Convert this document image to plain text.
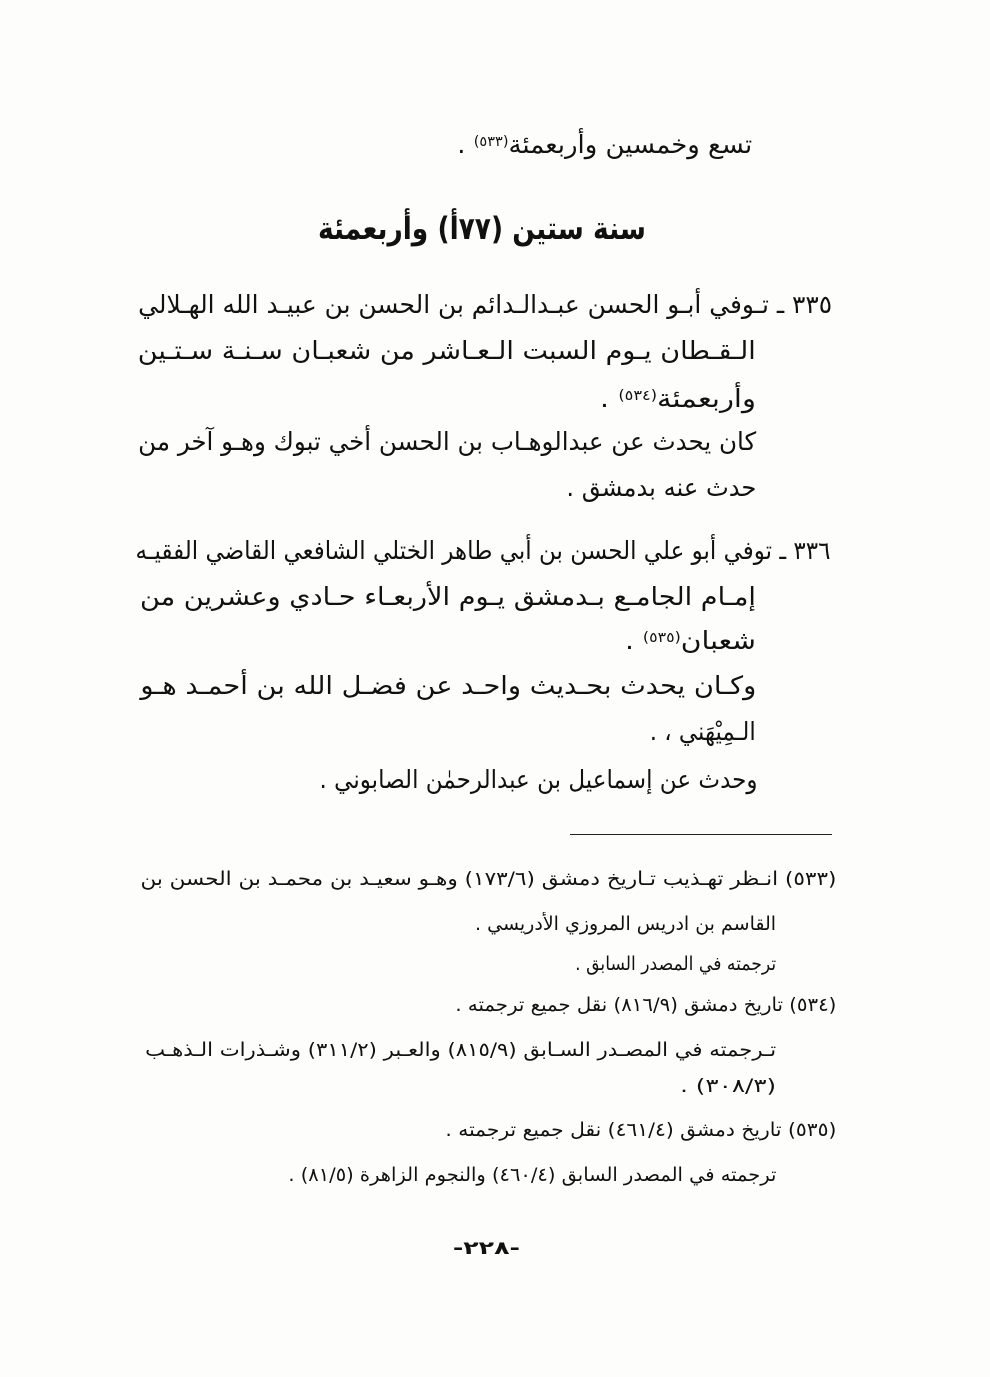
تسع وخمسين وأربعمئة$^{(٥٣٣)}$ .
سنة ستين (٧٧أ) وأربعمئة
٣٣٥ ـ تـوفي أبـو الحسن عبـدالـدائم بن الحسن بن عبيـد الله الهـلالي
الـقـطان يـوم السبت الـعـاشر من شعبـان سـنـة سـتـين
وأربعمئة$^{(٥٣٤)}$ .
كان يحدث عن عبدالوهـاب بن الحسن أخي تبوك وهـو آخر من
حدث عنه بدمشق .
٣٣٦ ـ توفي أبو علي الحسن بن أبي طاهر الختلي الشافعي القاضي الفقيـه
إمـام الجامـع بـدمشق يـوم الأربعـاء حـادي وعشرين من
شعبان$^{(٥٣٥)}$ .
وكـان يحدث بحـديث واحـد عن فضـل الله بن أحمـد هـو
الـمِيْهَني ، .
وحدث عن إسماعيل بن عبدالرحمٰن الصابوني .
(٥٣٣) انـظر تهـذيب تـاريخ دمشق (١٧٣/٦) وهـو سعيـد بن محمـد بن الحسن بن
القاسم بن ادريس المروزي الأدريسي .
ترجمته في المصدر السابق .
(٥٣٤) تاريخ دمشق (٨١٦/٩) نقل جميع ترجمته .
تـرجمته في المصـدر السـابق (٨١٥/٩) والعـبر (٣١١/٢) وشـذرات الـذهـب
(٣٠٨/٣) .
(٥٣٥) تاريخ دمشق (٤٦١/٤) نقل جميع ترجمته .
ترجمته في المصدر السابق (٤٦٠/٤) والنجوم الزاهرة (٨١/٥) .
-٢٢٨-
